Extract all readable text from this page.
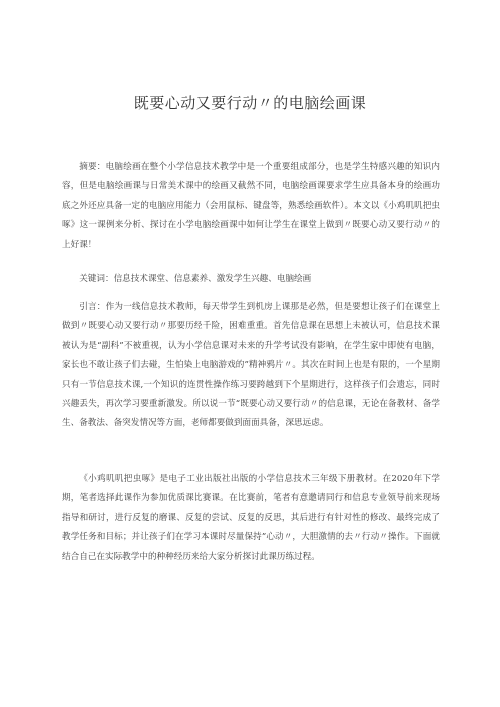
既要心动又要行动〃的电脑绘画课
摘要：电脑绘画在整个小学信息技术教学中是一个重要组成部分，也是学生特感兴趣的知识内容，但是电脑绘画课与日常美术课中的绘画又截然不同，电脑绘画课要求学生应具备本身的绘画功底之外还应具备一定的电脑应用能力（会用鼠标、键盘等，熟悉绘画软件）。本文以《小鸡叽叽把虫啄》这一课例来分析、探讨在小学电脑绘画课中如何让学生在课堂上做到〃既要心动又要行动〃的上好课！
关键词：信息技术课堂、信息素养、激发学生兴趣、电脑绘画
引言：作为一线信息技术教师，每天带学生到机房上课那是必然，但是要想让孩子们在课堂上做到〃既要心动又要行动〃那要历经千险，困难重重。首先信息课在思想上未被认可，信息技术课被认为是“副科”不被重视，认为小学信息课对未来的升学考试没有影响，在学生家中即使有电脑，家长也不敢让孩子们去碰，生怕染上电脑游戏的”精神鸦片〃。其次在时间上也是有限的，一个星期只有一节信息技术课,一个知识的连贯性操作练习要跨越到下个星期进行，这样孩子们会遗忘，同时兴趣丢失，再次学习要重新激发。所以说一节“既要心动又要行动〃的信息课，无论在备教材、备学生、备教法、备突发情况等方面，老师都要做到面面具备，深思远虑。
《小鸡叽叽把虫啄》是电子工业出版社出版的小学信息技术三年级下册教材。在2020年下学期，笔者选择此课作为参加优质课比赛课。在比赛前，笔者有意邀请同行和信息专业领导前来现场指导和研讨，进行反复的磨课、反复的尝试、反复的反思，其后进行有针对性的修改、最终完成了教学任务和目标；并让孩子们在学习本课时尽量保持”心动〃，大胆激情的去〃行动〃操作。下面就结合自己在实际教学中的种种经历来给大家分析探讨此课历练过程。
